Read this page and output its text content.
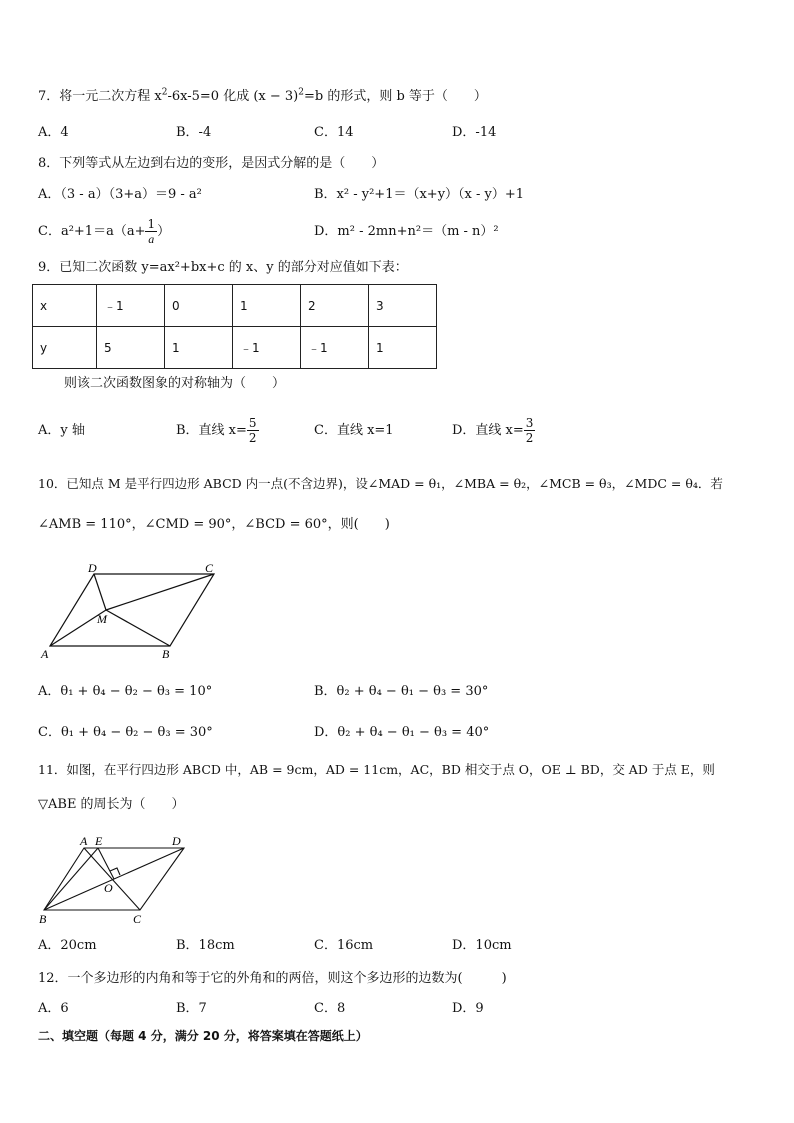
7．将一元二次方程 $x^2-6x-5=0$ 化成 $(x - 3)^2=b$ 的形式，则 b 等于（　　）
A．4	B．-4	C．14	D．-14
8．下列等式从左边到右边的变形，是因式分解的是（　　）
A．（3 - a）（3+a）＝9 - a²	B．x² - y²+1＝（x+y）（x - y）+1
C．$a^2+1=a(a+ \frac{1}{a}$ ）	D．m² - 2mn+n²＝（m - n）²
9．已知二次函数 y=ax²+bx+c 的 x、y 的部分对应值如下表：
x	﹣1	0	1	2	3
y	5	1	﹣1	﹣1	1
则该二次函数图象的对称轴为（　　）
A．y 轴	B．直线 $x= \frac{5}{2}$	C．直线 x=1	D．直线 $x= \frac{3}{2}$
10．已知点 M 是平行四边形 ABCD 内一点(不含边界)，设∠MAD = θ₁，∠MBA = θ₂，∠MCB = θ₃，∠MDC = θ₄．若
∠AMB = 110°，∠CMD = 90°，∠BCD = 60°，则(　　)
A	B
C
D
M
A．θ₁ + θ₄ − θ₂ − θ₃ = 10°	B．θ₂ + θ₄ − θ₁ − θ₃ = 30°
C．θ₁ + θ₄ − θ₂ − θ₃ = 30°	D．θ₂ + θ₄ − θ₁ − θ₃ = 40°
11．如图，在平行四边形 ABCD 中，AB = 9cm，AD = 11cm，AC，BD 相交于点 O，OE ⊥ BD，交 AD 于点 E，则
▽ABE 的周长为（　　）
A E	D
O
B	C
A．20cm	B．18cm	C．16cm	D．10cm
12．一个多边形的内角和等于它的外角和的两倍，则这个多边形的边数为(　　　)
A．6	B．7	C．8	D．9
二、填空题（每题 4 分，满分 20 分，将答案填在答题纸上）
